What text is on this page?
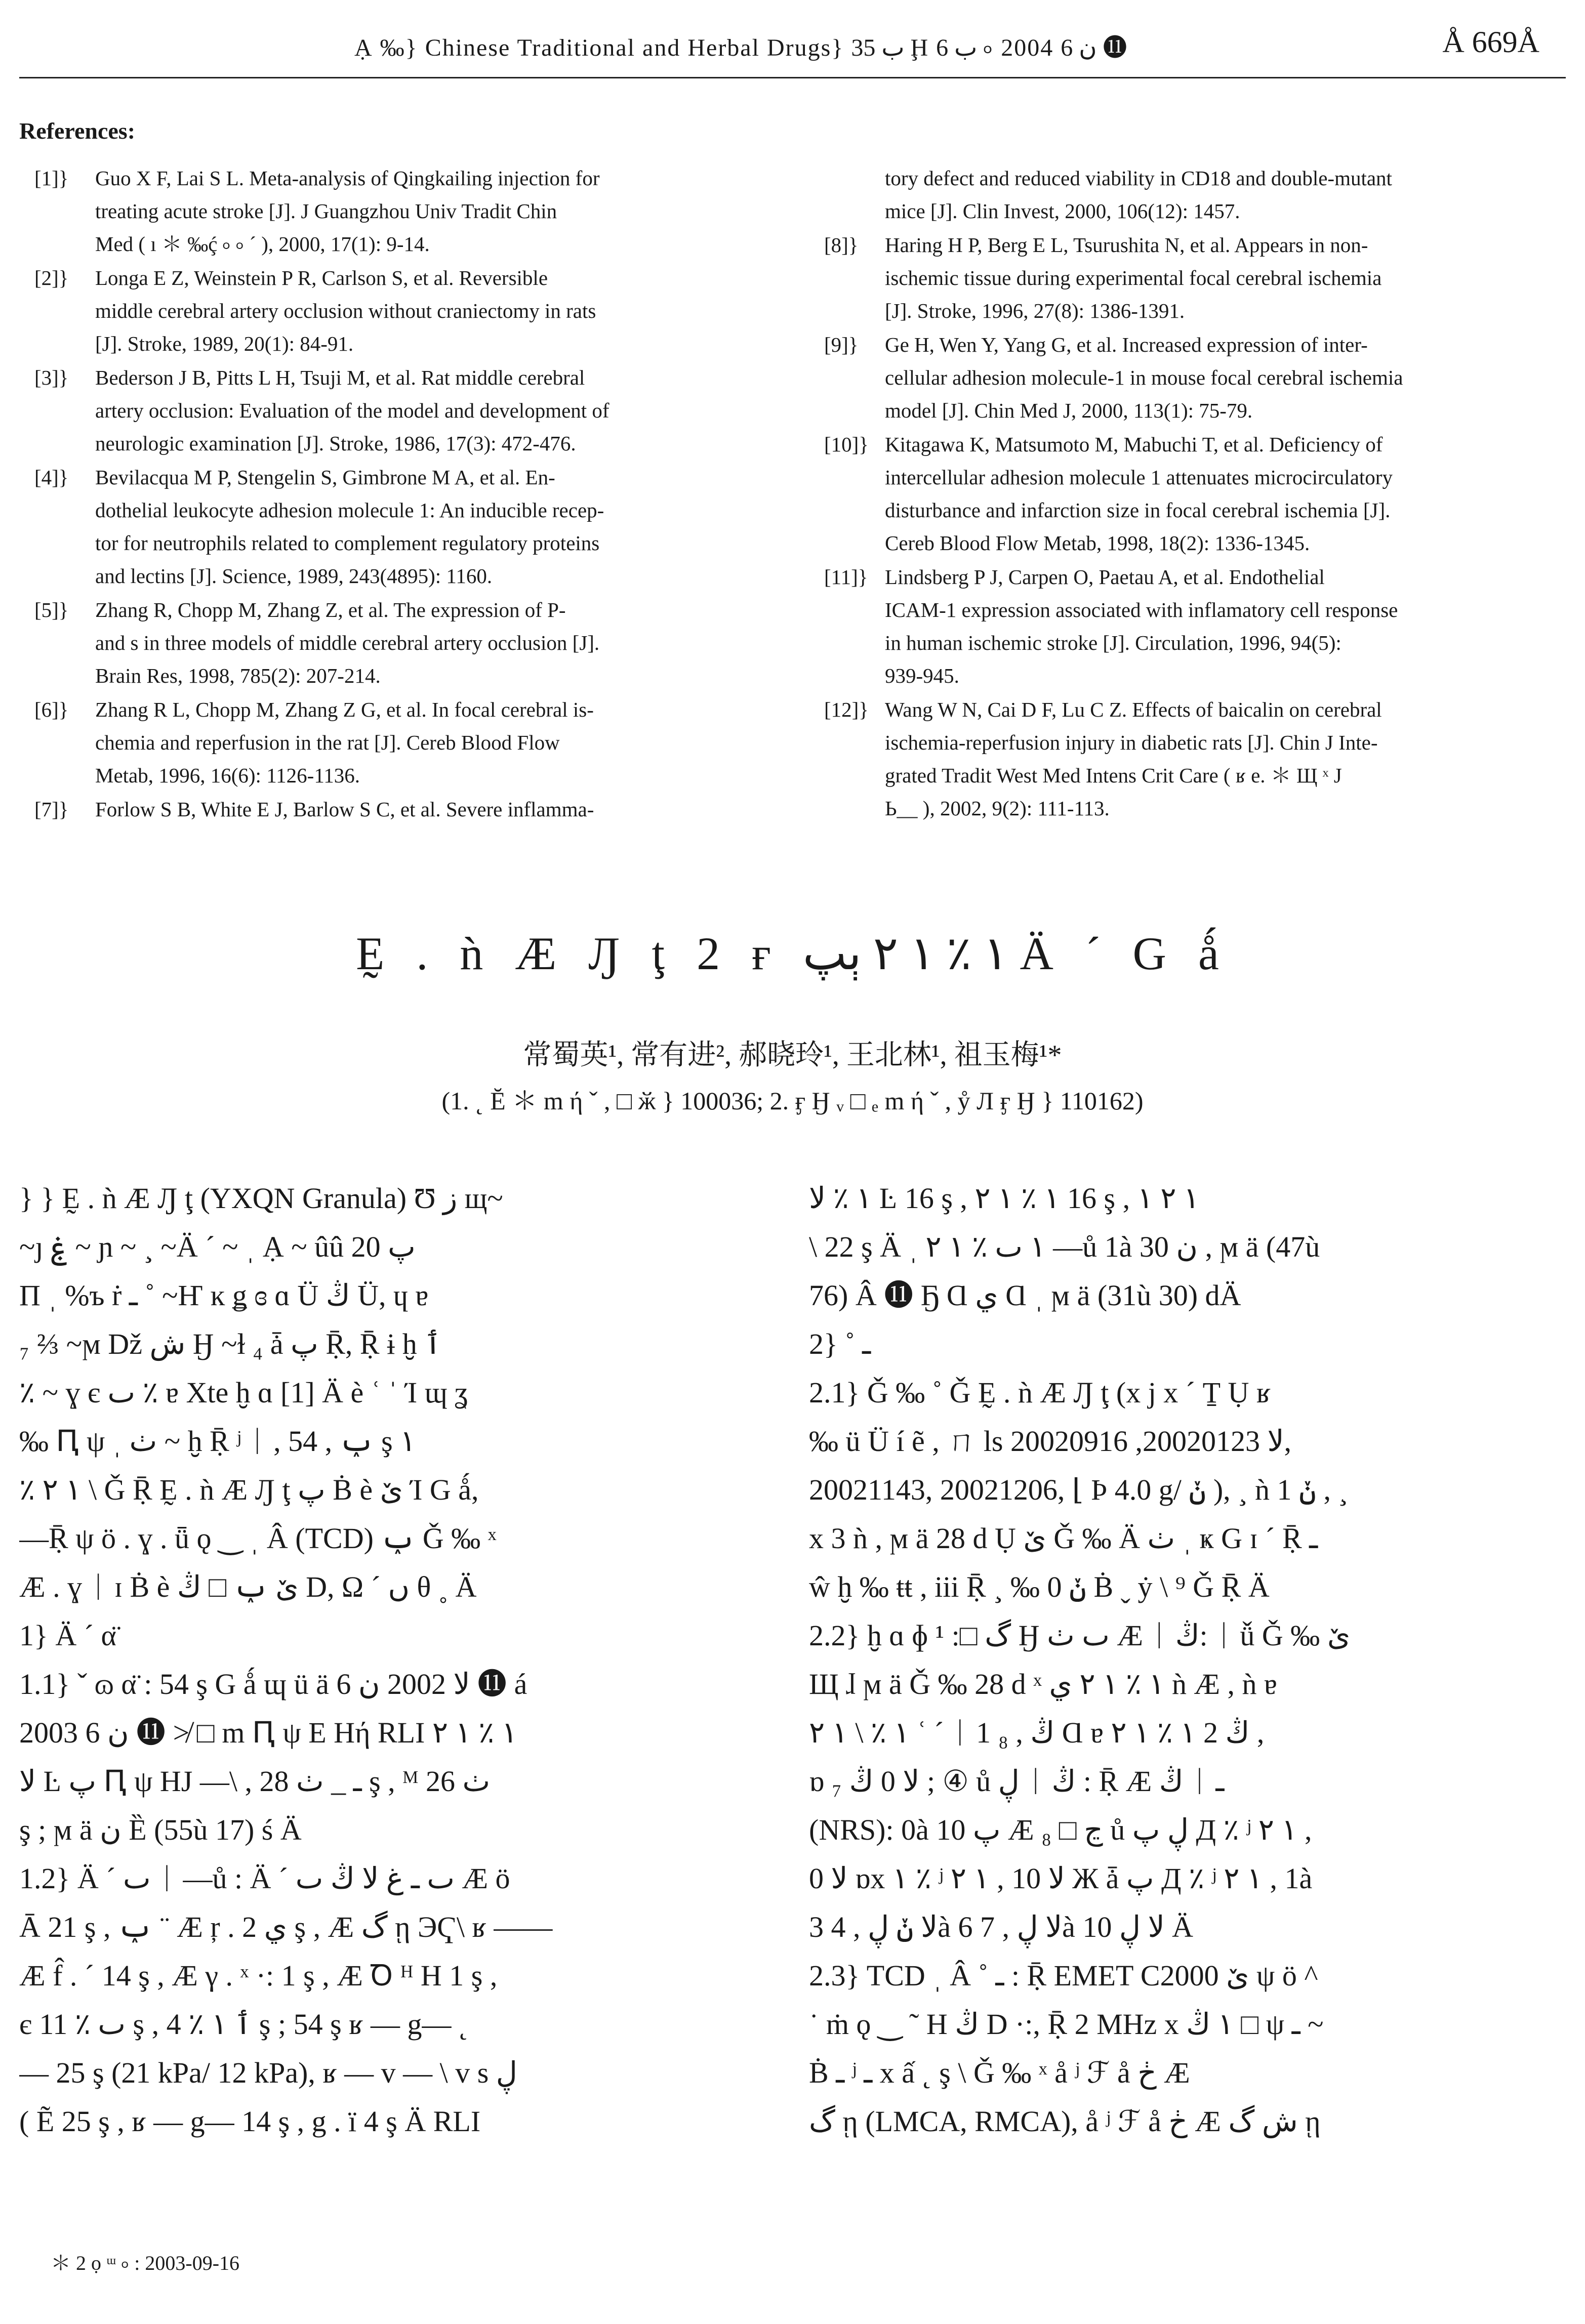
Ạ ‰} Chinese Traditional and Herbal Drugs} ب 35 Ḩ ب 6 ৹ 2004 ن 6 ⓫	Å 669Å
References:
[1]} Guo X F, Lai S L. Meta-analysis of Qingkailing injection for
treating acute stroke [J]. J Guangzhou Univ Tradit Chin
Med ( ı ＊ ‰ḉ ৹ ৹ ˊ ), 2000, 17(1): 9-14.
[2]} Longa E Z, Weinstein P R, Carlson S, et al. Reversible
middle cerebral artery occlusion without craniectomy in rats
[J]. Stroke, 1989, 20(1): 84-91.
[3]} Bederson J B, Pitts L H, Tsuji M, et al. Rat middle cerebral
artery occlusion: Evaluation of the model and development of
neurologic examination [J]. Stroke, 1986, 17(3): 472-476.
[4]} Bevilacqua M P, Stengelin S, Gimbrone M A, et al. En-
dothelial leukocyte adhesion molecule 1: An inducible recep-
tor for neutrophils related to complement regulatory proteins
and lectins [J]. Science, 1989, 243(4895): 1160.
[5]} Zhang R, Chopp M, Zhang Z, et al. The expression of P-
and s in three models of middle cerebral artery occlusion [J].
Brain Res, 1998, 785(2): 207-214.
[6]} Zhang R L, Chopp M, Zhang Z G, et al. In focal cerebral is-
chemia and reperfusion in the rat [J]. Cereb Blood Flow
Metab, 1996, 16(6): 1126-1136.
[7]} Forlow S B, White E J, Barlow S C, et al. Severe inflamma-
tory defect and reduced viability in CD18 and double-mutant
mice [J]. Clin Invest, 2000, 106(12): 1457.
[8]} Haring H P, Berg E L, Tsurushita N, et al. Appears in non-
ischemic tissue during experimental focal cerebral ischemia
[J]. Stroke, 1996, 27(8): 1386-1391.
[9]} Ge H, Wen Y, Yang G, et al. Increased expression of inter-
cellular adhesion molecule-1 in mouse focal cerebral ischemia
model [J]. Chin Med J, 2000, 113(1): 75-79.
[10]} Kitagawa K, Matsumoto M, Mabuchi T, et al. Deficiency of
intercellular adhesion molecule 1 attenuates microcirculatory
disturbance and infarction size in focal cerebral ischemia [J].
Cereb Blood Flow Metab, 1998, 18(2): 1336-1345.
[11]} Lindsberg P J, Carpen O, Paetau A, et al. Endothelial
ICAM-1 expression associated with inflamatory cell response
in human ischemic stroke [J]. Circulation, 1996, 94(5):
939-945.
[12]} Wang W N, Cai D F, Lu C Z. Effects of baicalin on cerebral
ischemia-reperfusion injury in diabetic rats [J]. Chin J Inte-
grated Tradit West Med Intens Crit Care ( ʁ e. ＊ Щ ˣ J
Ь__ ), 2002, 9(2): 111-113.
Ḛ . ǹ Æ Ԓ ţ 2 ғ ١ ٪ ١ ٢ ٻپ Ä ˊ G ǻ
常蜀英¹, 常有进², 郝晓玲¹, 王北林¹, 祖玉梅¹*
(1. ˛ Ĕ ＊ m ή ˇ , □ ӂ } 100036; 2. ӻ Ӈ ᵥ □ ₑ m ή ˇ , ẙ Л ӻ Ӈ } 110162)
} } Ḛ . ǹ Æ Ԓ ţ (YXQN Granula) Ʊ ز щ~
~ȷ ۼ ~ ɲ ~ ¸ ~Ä ˊ ~ ˌ Ạ ~ ûû پ 20
П ˌ %ъ ṙ ـ ˚ ~Ҥ ĸ ǥ ɞ ɑ Ü ڭ Ü, ɥ ɐ
₇ ⅔ ~ϻ Dž ش Ӈ ~ɫ ₄ ǡ پ Ṝ, Ṝ ɨ ḫ ٲ
٪ ~ ɣ є ٮ ٪ ɐ Xte ḫ ɑ [1] Ä ѐ ʿ ˈ Ί ɰ ʓ
‰ Ԥ ψ ˌ ٺ ~ ḫ Ṝ ʲ ᛁ , ݕ , 54 ş ١
٪ ١ ٢ \ Ǧ Ṝ Ḛ . ǹ Æ Ԓ ţ پ Ḃ è ێ Ί G ǻ,
—Ṝ ψ ö . ɣ . ǖ ǫ ‿ ˌ Â (TCD) ݕ Ǧ ‰ ˣ
Æ . ɣ ᛁ ɪ Ḃ è ێ ݕ □ ڭ D, Ω ˊ ں θ ˳ Ä
1} Ä ˊ α̈
1.1} ˇ ɷ α̈ : 54 ş G ǻ ɰ ü ä ﻻ 2002 ن 6 ⓫ á
2003 ن 6 ⓫ ≯ □ m Ԥ ψ E Hή RLI ١ ٪ ١ ٢
ﻻ Ŀ پ Ԥ ψ HJ —\ , ـ _ ٺ 28 ş , ᴹ ٺ 26
ş ; ϻ ä ن Ȅ (55ù 17) ś Ä
1.2} Ä ˊ ٮ ᛁ —ů : Ä ˊ ٮ ـ غ ﻻ ڭ ٮ Æ ö
Ā 21 ş , ݕ ¨ Æ ŗ . ي 2 ş , Æ گ ῃ ЭҀ\ ʁ ——
Æ f̂ . ˊ 14 ş , Æ γ . ˣ ·: 1 ş , Æ Ꝺ ᴴ H 1 ş ,
є ٮ ٪ 11 ş , ٲ ١ ٪ 4 ş ; 54 ş ʁ — g— ˛
— 25 ş (21 kPa/ 12 kPa), ʁ — v — \ v s ڸ
( Ẽ 25 ş , ʁ — g— 14 ş , g . ï 4 ş Ä RLI
١ ٪ ﻻ Ŀ 16 ş , ١ ٪ ١ ٢ 16 ş , ١ ٢ ١
\ 22 ş Ä ˌ ١ ٮ ٪ ١ ٢ —ů 1à 30 ن , ϻ ä (47ù
76) Â ⓫ Ҕ Ɑ ي Ɑ ˌ ϻ ä (31ù 30) dÄ
2} ˚ ـ
2.1} Ǧ ‰ ˚ Ǧ Ḛ . ǹ Æ Ԓ ţ (x j x ˊ Ṯ Ụ ʁ
‰ ü Ü í ẽ , ㄇ ls ﻻ 20020123, 20020916,
20021143, 20021206, ⌊ Ϸ 4.0 g/ ݩ ), ¸ ǹ 1 ݩ , ¸
x 3 ǹ , ϻ ä 28 d Ụ ێ Ǧ ‰ Ä ٺ ˌ ҝ G ɪ ˊ Ṝ ـ
ŵ ḫ ‰ ŧŧ , iii Ṝ ¸ ‰ 0 ݩ Ḃ ˬ ẏ \ ⁹ Ǧ Ṝ Ä
2.2} ḫ ɑ ɸ گ □: ¹ Ӈ ٮ ٺ Æ ᛁ ڭ: ᛁ ǚ Ǧ ‰ ێ
Щ ɺ ϻ ä Ǧ ‰ 28 d ˣ ١ ٪ ١ ٢ ي ǹ Æ , ǹ ɐ
١ ٪ \ ١ ٢ ʿ ˊ ᛁ 1 ڭ , ₈ Ɑ ɐ ١ ٪ ١ ٢ 2 ڭ ,
ɒ ₇ ﻻ 0 ڭ ; ④ ů ڸ ᛁ ڭ : Ṝ Æ ڭ ᛁ ـ
(NRS): 0à 10 پ Æ ڃ □ ₈ ů ڸ پ Д ٪ ʲ ١ ٢ ,
0 ﻻ ɒx ١ ٪ ʲ ١ ٢ , 10 ﻻ Ж ǡ پ Д ٪ ʲ ١ ٢ , 1à
3 ﻻ ݩ ڸ , 4à 6 ﻻ ڸ , 7à 10 ﻻ ڸ Ä
2.3} TCD ˌ Â ˚ ـ : Ṝ EMET C2000 ێ ψ ö ^
˙ ṁ ǫ ‿ ˜ H ڭ D ·:, Ṝ 2 MHz x ١ ڭ □ ψ ـ ~
Ḃ ـ ʲ ـ x ấ ˛ ş \ Ǧ ‰ ˣ å ʲ ℱ å ڂ Æ
گ ῃ (LMCA, RMCA), å ʲ ℱ å ڂ Æ ش گ ῃ
＊ 2 ọ ᵚ ৹ : 2003-09-16
